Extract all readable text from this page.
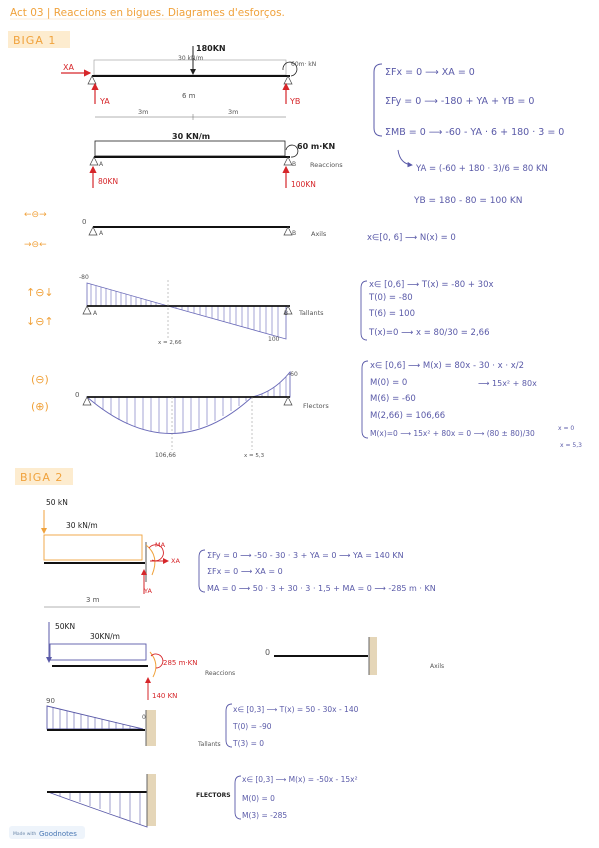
Act 03 | Reaccions en bigues. Diagrames d'esforços.
BIGA 1
180KN
30 kN/m
60m· kN
XA
YA	YB
6 m
3m	3m
30 KN/m
60 m·KN
A	B Reaccions
80KN	100KN
ΣFx = 0 ⟶ XA = 0
ΣFy = 0 ⟶ -180 + YA + YB = 0
ΣMB = 0 ⟶ -60 - YA · 6 + 180 · 3 = 0
YA = (-60 + 180 · 3)/6 = 80 KN
YB = 180 - 80 = 100 KN
←⊖→
→⊖←
↑⊖↓
↓⊖↑
(⊖)
(⊕)
0
A	B Axils	x∈[0, 6] ⟶ N(x) = 0
A	B
-80
100
x = 2,66
Tallants
x∈ [0,6] ⟶ T(x) = -80 + 30x
T(0) = -80
T(6) = 100
T(x)=0 ⟶ x = 80/30 = 2,66
0
-60
106,66	x = 5,3
Flectors
x∈ [0,6] ⟶ M(x) = 80x - 30 · x · x/2
⟶ 15x² + 80x
M(0) = 0
M(6) = -60
M(2,66) = 106,66
M(x)=0 ⟶ 15x² + 80x = 0 ⟶ (80 ± 80)/30
x = 0
x = 5,3
BIGA 2
50 kN
30 kN/m
MA
XA
YA
3 m
ΣFy = 0 ⟶ -50 - 30 · 3 + YA = 0 ⟶ YA = 140 KN
ΣFx = 0 ⟶ XA = 0
MA = 0 ⟶ 50 · 3 + 30 · 3 · 1,5 + MA = 0 ⟶ -285 m · KN
50KN
30KN/m
285 m·KN
Reaccions
140 KN
0
Axils
90
0
Tallants
x∈ [0,3] ⟶ T(x) = 50 - 30x - 140
T(0) = -90
T(3) = 0
FLECTORS
x∈ [0,3] ⟶ M(x) = -50x - 15x²
M(0) = 0
M(3) = -285
Made with Goodnotes
